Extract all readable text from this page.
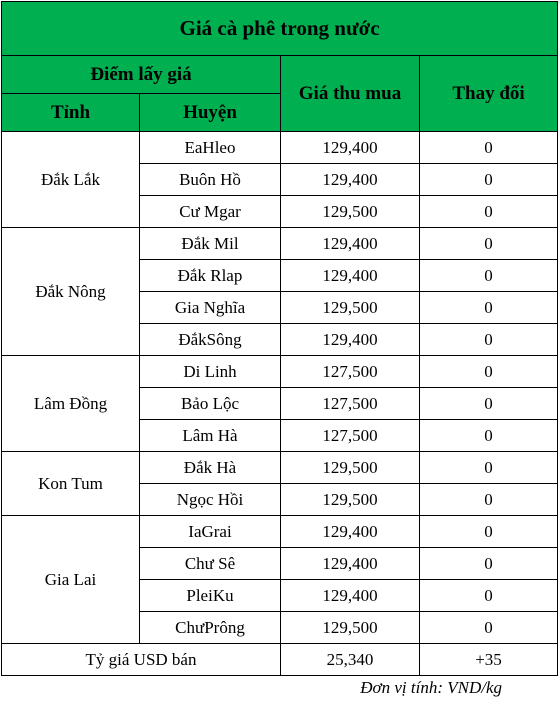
Giá cà phê trong nước			
Điểm lấy giá		Giá thu mua	Thay đổi
Tỉnh	Huyện		
Đắk Lắk	EaHleo	129,400	0
	Buôn Hồ	129,400	0
	Cư Mgar	129,500	0
Đắk Nông	Đắk Mil	129,400	0
	Đắk Rlap	129,400	0
	Gia Nghĩa	129,500	0
	ĐắkSông	129,400	0
Lâm Đồng	Di Linh	127,500	0
	Bảo Lộc	127,500	0
	Lâm Hà	127,500	0
Kon Tum	Đắk Hà	129,500	0
	Ngọc Hồi	129,500	0
Gia Lai	IaGrai	129,400	0
	Chư Sê	129,400	0
	PleiKu	129,400	0
	ChưPrông	129,500	0
Tỷ giá USD bán		25,340	+35
Đơn vị tính: VND/kg
